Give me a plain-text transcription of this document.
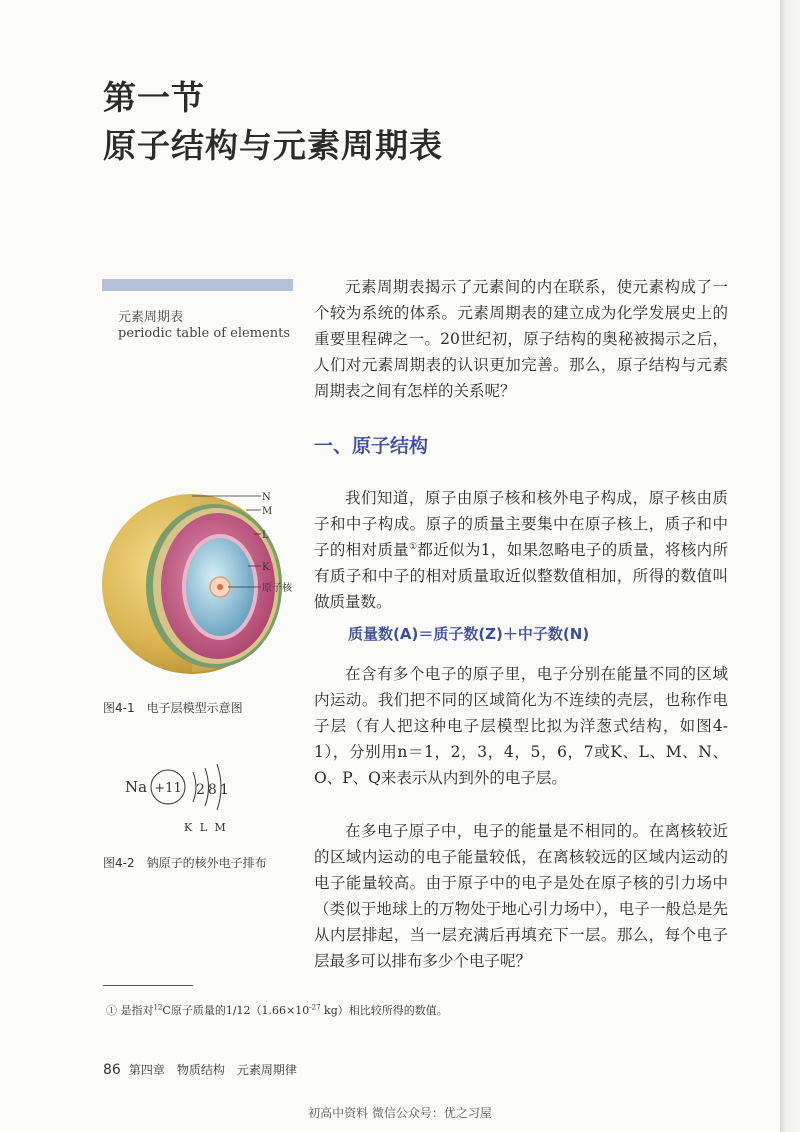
第一节
原子结构与元素周期表
元素周期表
periodic table of elements

元素周期表揭示了元素间的内在联系，使元素构成了一个较为系统的体系。元素周期表的建立成为化学发展史上的重要里程碑之一。20世纪初，原子结构的奥秘被揭示之后，人们对元素周期表的认识更加完善。那么，原子结构与元素周期表之间有怎样的关系呢？

一、原子结构

我们知道，原子由原子核和核外电子构成，原子核由质子和中子构成。原子的质量主要集中在原子核上，质子和中子的相对质量①都近似为1，如果忽略电子的质量，将核内所有质子和中子的相对质量取近似整数值相加，所得的数值叫做质量数。

质量数(A)＝质子数(Z)＋中子数(N)

在含有多个电子的原子里，电子分别在能量不同的区域内运动。我们把不同的区域简化为不连续的壳层，也称作电子层（有人把这种电子层模型比拟为洋葱式结构，如图4-1），分别用n＝1，2，3，4，5，6，7或K、L、M、N、O、P、Q来表示从内到外的电子层。

在多电子原子中，电子的能量是不相同的。在离核较近的区域内运动的电子能量较低，在离核较远的区域内运动的电子能量较高。由于原子中的电子是处在原子核的引力场中（类似于地球上的万物处于地心引力场中），电子一般总是先从内层排起，当一层充满后再填充下一层。那么，每个电子层最多可以排布多少个电子呢？

N
M
L
K
原子核
图4-1　电子层模型示意图
Na +11 281
K L M
图4-2　钠原子的核外电子排布
① 是指对$^{12}$C原子质量的$1/12(1.66\times 10^{-27}$ kg）相比较所得的数值。
86 第四章　物质结构　元素周期律
初高中资料 微信公众号：优之习屋
